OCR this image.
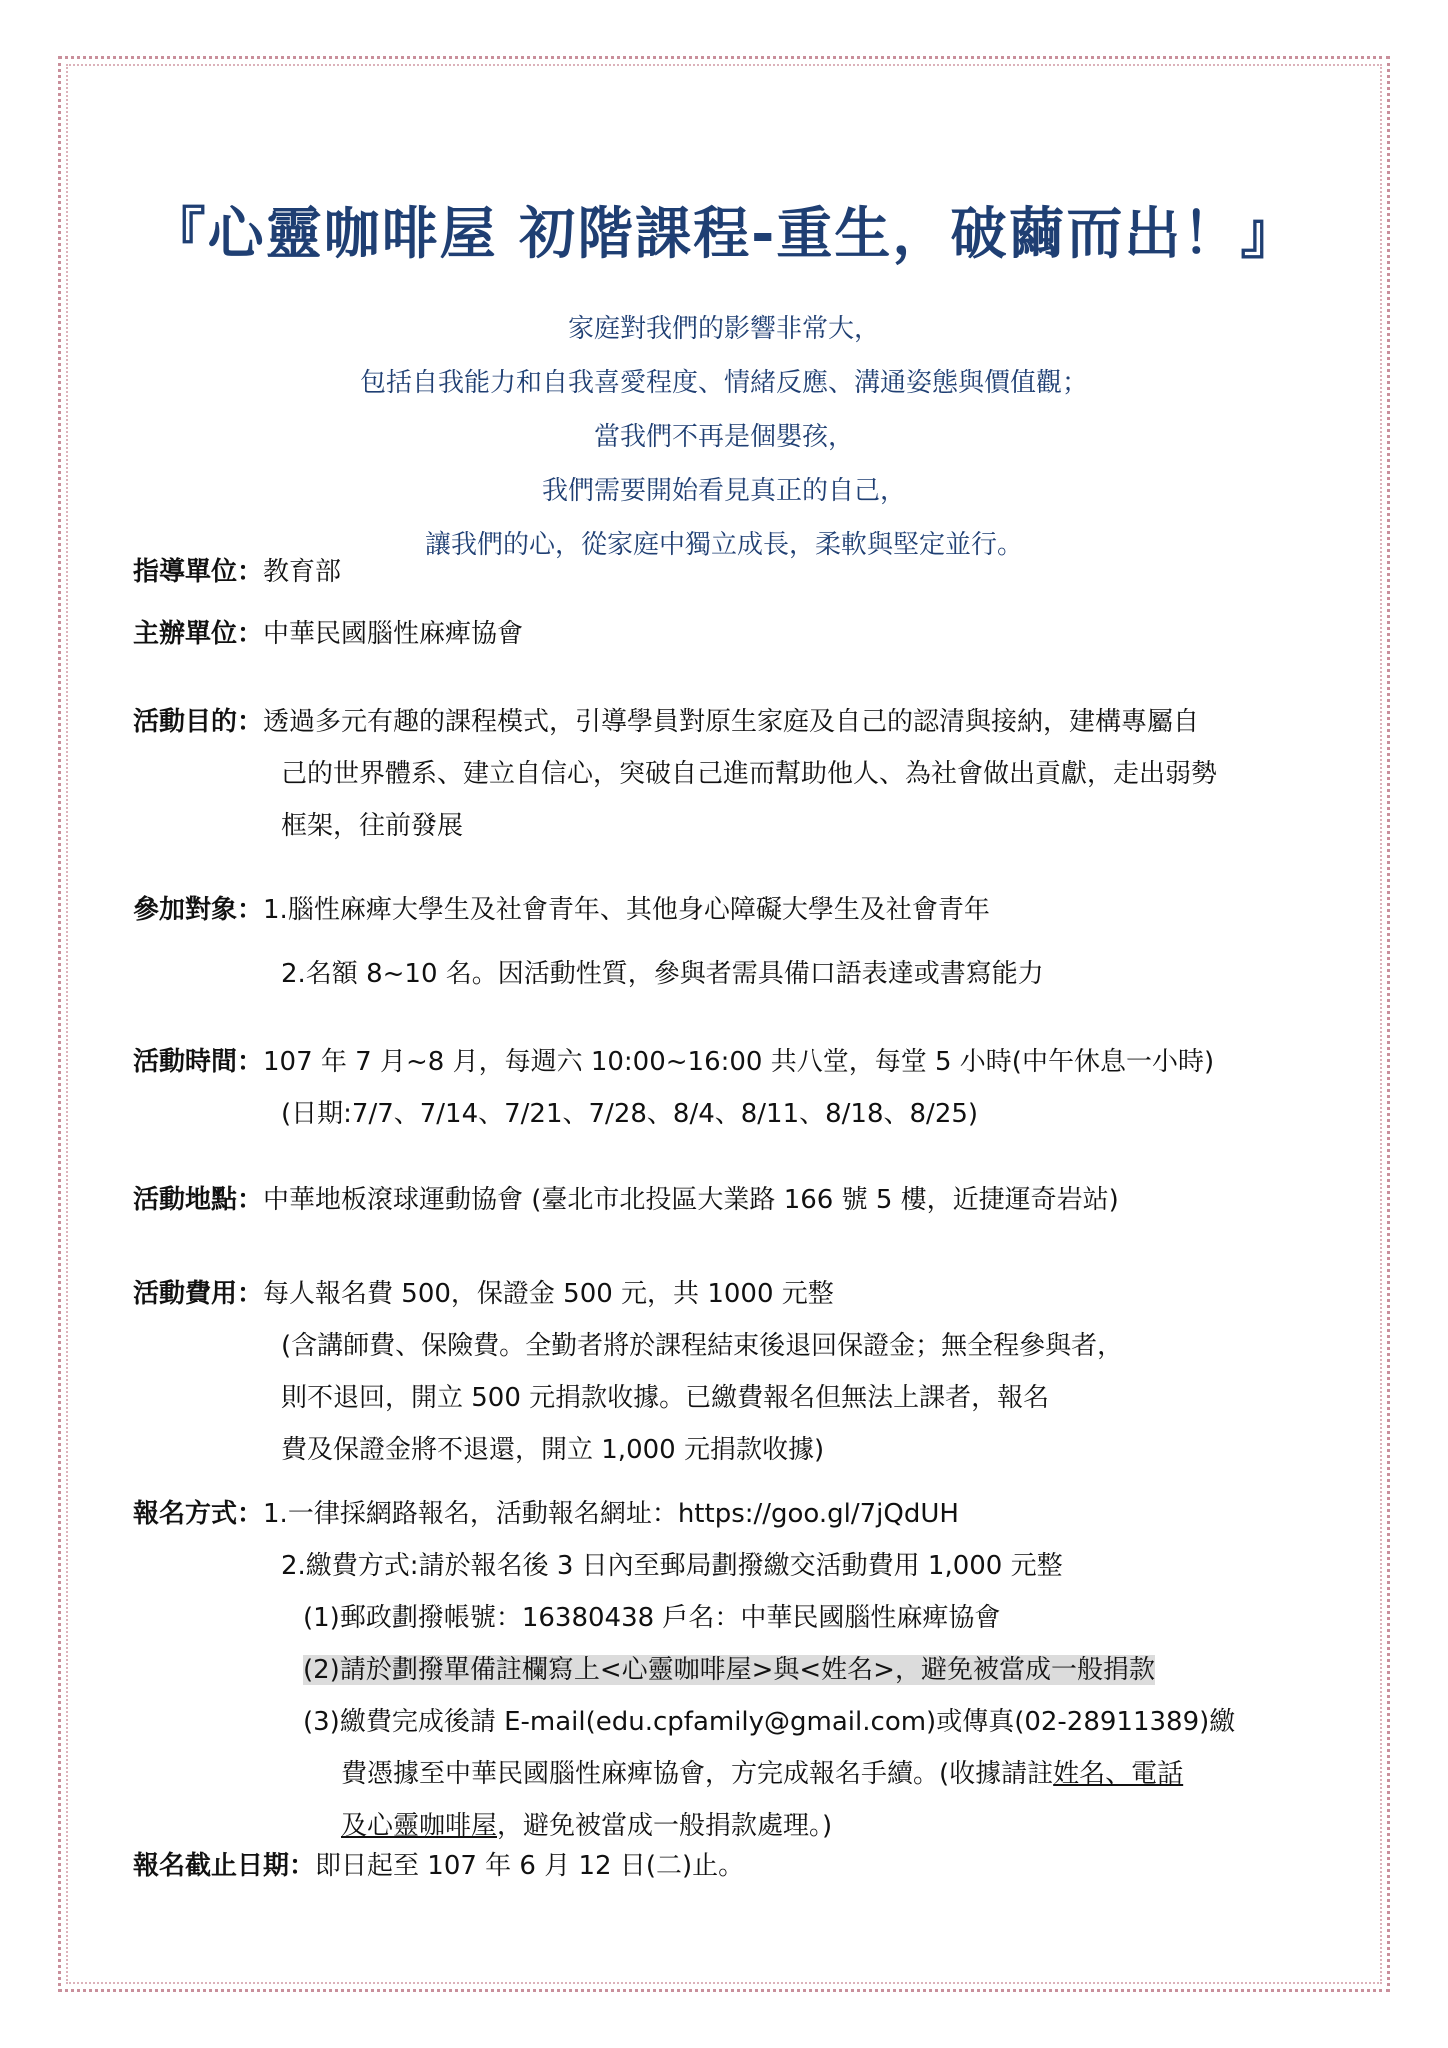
『心靈咖啡屋 初階課程-重生，破繭而出！』
家庭對我們的影響非常大，
包括自我能力和自我喜愛程度、情緒反應、溝通姿態與價值觀；
當我們不再是個嬰孩，
我們需要開始看見真正的自己，
讓我們的心，從家庭中獨立成長，柔軟與堅定並行。
指導單位：教育部
主辦單位：中華民國腦性麻痺協會
活動目的：透過多元有趣的課程模式，引導學員對原生家庭及自己的認清與接納，建構專屬自
己的世界體系、建立自信心，突破自己進而幫助他人、為社會做出貢獻，走出弱勢
框架，往前發展
參加對象：1.腦性麻痺大學生及社會青年、其他身心障礙大學生及社會青年
2.名額 8~10 名。因活動性質，參與者需具備口語表達或書寫能力
活動時間：107 年 7 月~8 月，每週六 10:00~16:00 共八堂，每堂 5 小時(中午休息一小時)
(日期:7/7、7/14、7/21、7/28、8/4、8/11、8/18、8/25)
活動地點：中華地板滾球運動協會 (臺北市北投區大業路 166 號 5 樓，近捷運奇岩站)
活動費用：每人報名費 500，保證金 500 元，共 1000 元整
(含講師費、保險費。全勤者將於課程結束後退回保證金；無全程參與者，
則不退回，開立 500 元捐款收據。已繳費報名但無法上課者，報名
費及保證金將不退還，開立 1,000 元捐款收據)
報名方式：1.一律採網路報名，活動報名網址：https://goo.gl/7jQdUH
2.繳費方式:請於報名後 3 日內至郵局劃撥繳交活動費用 1,000 元整
(1)郵政劃撥帳號：16380438 戶名：中華民國腦性麻痺協會
(2)請於劃撥單備註欄寫上<心靈咖啡屋>與<姓名>，避免被當成一般捐款
(3)繳費完成後請 E-mail(edu.cpfamily@gmail.com)或傳真(02-28911389)繳
費憑據至中華民國腦性麻痺協會，方完成報名手續。(收據請註姓名、電話
及心靈咖啡屋，避免被當成一般捐款處理。)
報名截止日期：即日起至 107 年 6 月 12 日(二)止。
